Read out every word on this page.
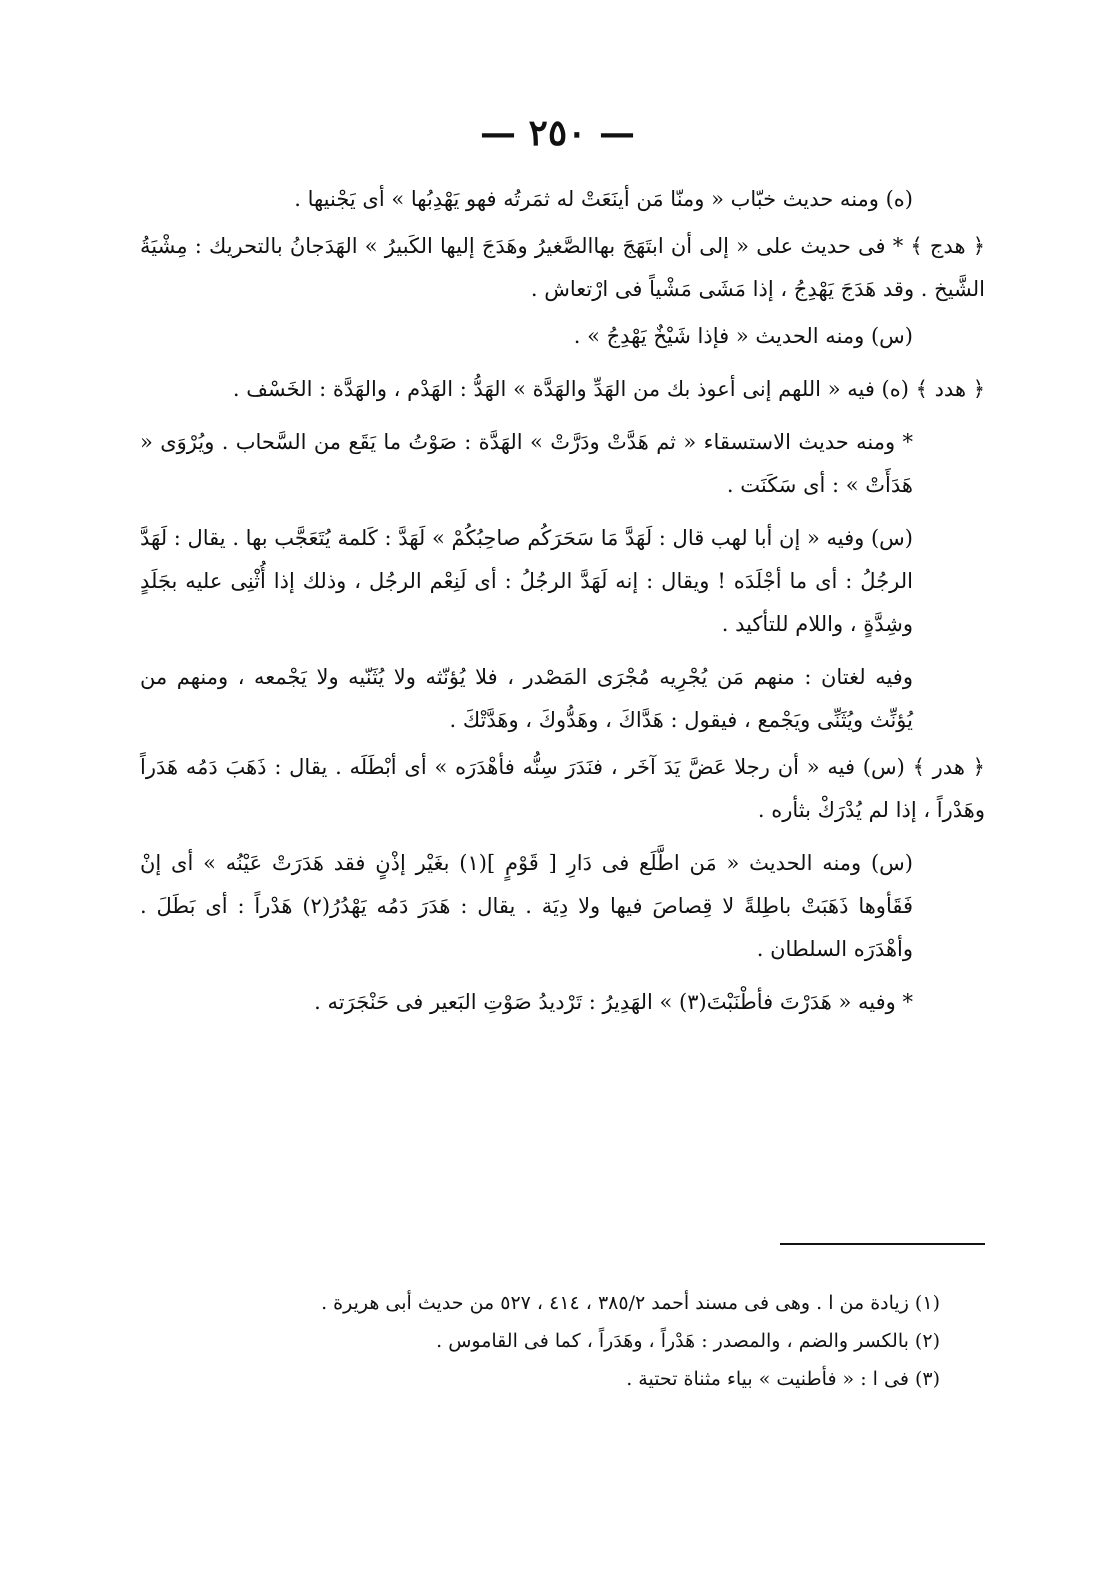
— ٢٥٠ —

(ه) ومنه حديث خبّاب « ومنّا مَن أينَعَتْ له ثمَرتُه فهو يَهْدِبُها » أى يَجْنيها .

﴿ هدج ﴾ * فى حديث على « إلى أن ابتَهَجَ بهاالصَّغيرُ وهَدَجَ إليها الكَبيرُ » الهَدَجانُ بالتحريك : مِشْيَةُ الشَّيخ . وقد هَدَجَ يَهْدِجُ ، إذا مَشَى مَشْياً فى ارْتعاش .

(س) ومنه الحديث « فإذا شَيْخٌ يَهْدِجُ » .

﴿ هدد ﴾ (ه) فيه « اللهم إنى أعوذ بك من الهَدِّ والهَدَّة » الهَدُّ : الهَدْم ، والهَدَّة : الخَسْف .

* ومنه حديث الاستسقاء « ثم هَدَّتْ ودَرَّتْ » الهَدَّة : صَوْتُ ما يَقَع من السَّحاب . ويُرْوَى « هَدَأَتْ » : أى سَكَنَت .

(س) وفيه « إن أبا لهب قال : لَهَدَّ مَا سَحَرَكُم صاحِبُكُمْ » لَهَدَّ : كَلمة يُتَعَجَّب بها . يقال : لَهَدَّ الرجُلُ : أى ما أجْلَدَه ! ويقال : إنه لَهَدَّ الرجُلُ : أى لَنِعْم الرجُل ، وذلك إذا أُثْنِى عليه بجَلَدٍ وشِدَّةٍ ، واللام للتأكيد .

وفيه لغتان : منهم مَن يُجْرِيه مُجْرَى المَصْدر ، فلا يُؤنّثه ولا يُثَنّيه ولا يَجْمعه ، ومنهم من يُؤنِّث ويُثَنِّى ويَجْمع ، فيقول : هَدَّاكَ ، وهَدُّوكَ ، وهَدَّتْكَ .

﴿ هدر ﴾ (س) فيه « أن رجلا عَضَّ يَدَ آخَر ، فنَدَرَ سِنُّه فأهْدَرَه » أى أبْطَلَه . يقال : ذَهَبَ دَمُه هَدَراً وهَدْراً ، إذا لم يُدْرَكْ بثأره .

(س) ومنه الحديث « مَن اطَّلَع فى دَارِ [ قَوْمٍ ](١) بغَيْر إذْنٍ فقد هَدَرَتْ عَيْنُه » أى إنْ فَقَأوها ذَهَبَتْ باطِلةً لا قِصاصَ فيها ولا دِيَة . يقال : هَدَرَ دَمُه يَهْدُرُ(٢) هَدْراً : أى بَطَلَ . وأهْدَرَه السلطان .

* وفيه « هَدَرْتَ فأطْنَبْتَ(٣) » الهَدِيرُ : تَرْديدُ صَوْتِ البَعير فى حَنْجَرَته .

(١) زيادة من ا . وهى فى مسند أحمد ٣٨٥/٢ ، ٤١٤ ، ٥٢٧ من حديث أبى هريرة .

(٢) بالكسر والضم ، والمصدر : هَدْراً ، وهَدَراً ، كما فى القاموس .

(٣) فى ا : « فأطنيت » بياء مثناة تحتية .
